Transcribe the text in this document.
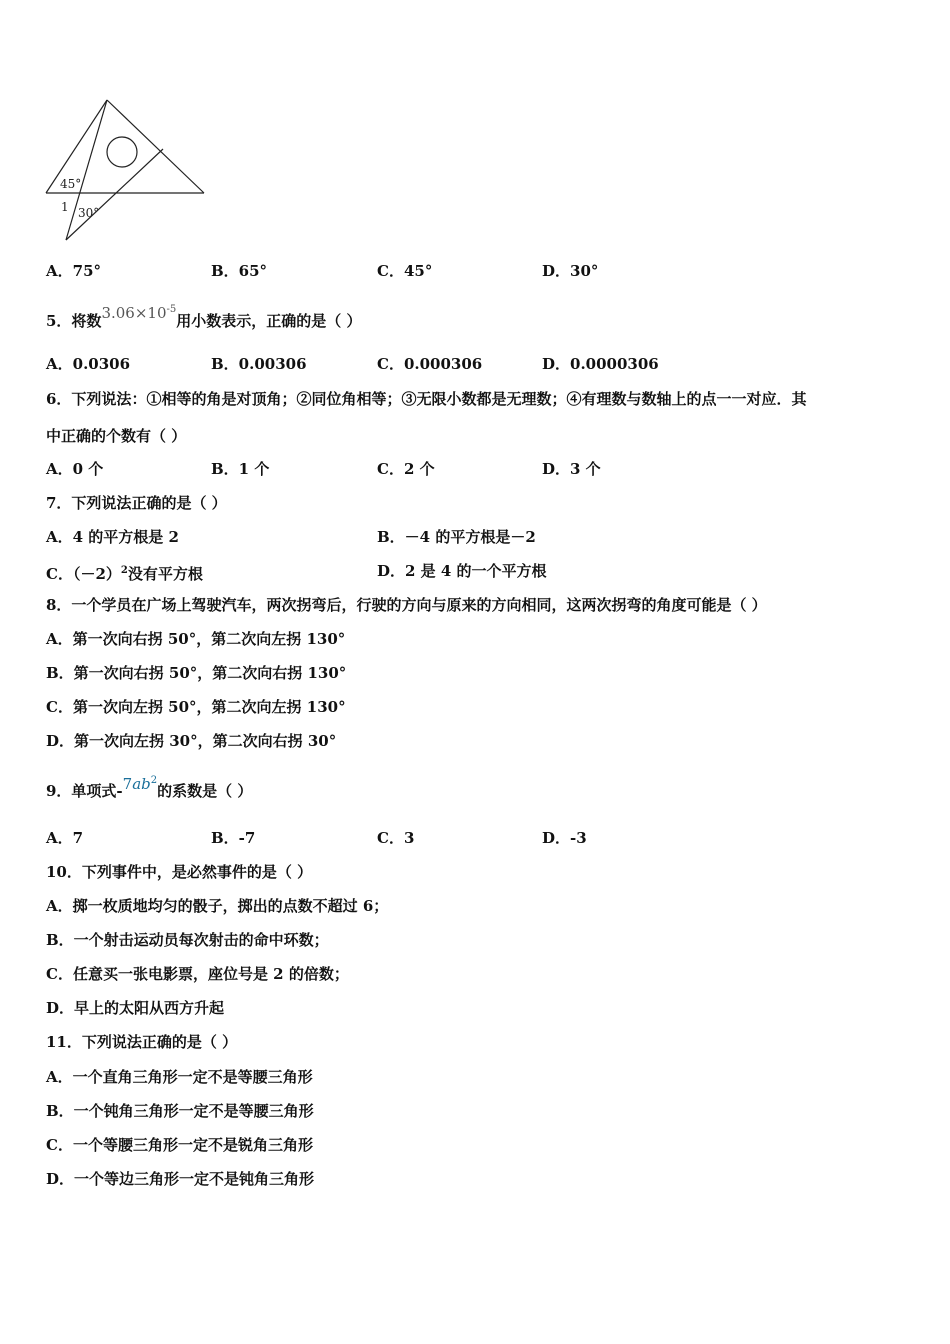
45°
1 30°
A．75°	B．65°	C．45°	D．30°
5．将数$3.06\times 10^{-5}$用小数表示，正确的是（ ）
A．0.0306	B．0.00306	C．0.000306	D．0.0000306
6．下列说法：①相等的角是对顶角；②同位角相等；③无限小数都是无理数；④有理数与数轴上的点一一对应．其
中正确的个数有（ ）
A．0 个	B．1 个	C．2 个	D．3 个
7．下列说法正确的是（ ）
A．4 的平方根是 2	B．－4 的平方根是－2
C．$(-2)^2$没有平方根	D．2 是 4 的一个平方根
8．一个学员在广场上驾驶汽车，两次拐弯后，行驶的方向与原来的方向相同，这两次拐弯的角度可能是（ ）
A．第一次向右拐 50°，第二次向左拐 130°
B．第一次向右拐 50°，第二次向右拐 130°
C．第一次向左拐 50°，第二次向左拐 130°
D．第一次向左拐 30°，第二次向右拐 30°
9．单项式$-7ab^2$的系数是（ ）
A．7	B．-7	C．3	D．-3
10．下列事件中，是必然事件的是（ ）
A．掷一枚质地均匀的骰子，掷出的点数不超过 6；
B．一个射击运动员每次射击的命中环数；
C．任意买一张电影票，座位号是 2 的倍数；
D．早上的太阳从西方升起
11．下列说法正确的是（ ）
A．一个直角三角形一定不是等腰三角形
B．一个钝角三角形一定不是等腰三角形
C．一个等腰三角形一定不是锐角三角形
D．一个等边三角形一定不是钝角三角形
